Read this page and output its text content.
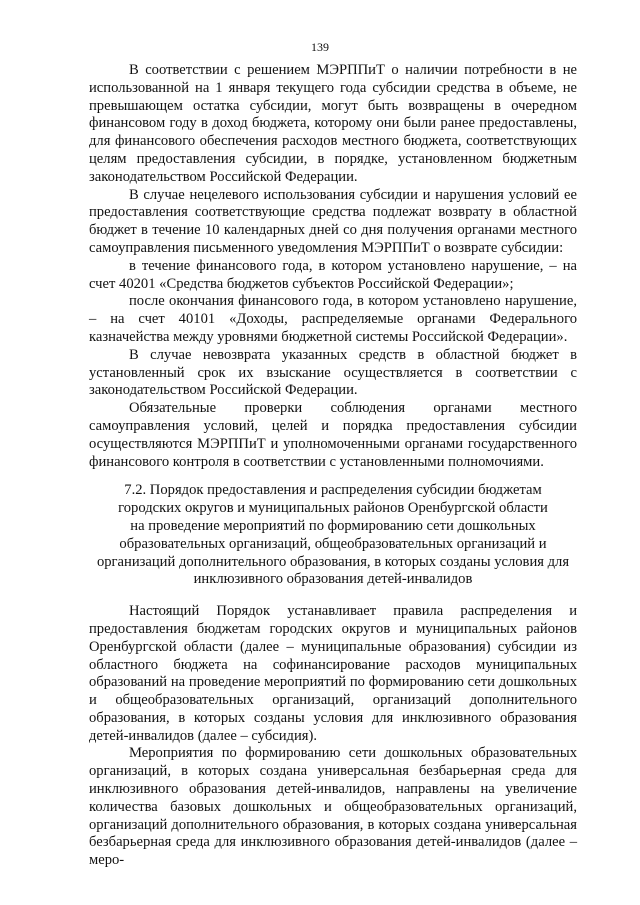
139

В соответствии с решением МЭРППиТ о наличии потребности в не использованной на 1 января текущего года субсидии средства в объеме, не превышающем остатка субсидии, могут быть возвращены в очередном финансовом году в доход бюджета, которому они были ранее предоставлены, для финансового обеспечения расходов местного бюджета, соответствующих целям предоставления субсидии, в порядке, установленном бюджетным законодательством Российской Федерации.

В случае нецелевого использования субсидии и нарушения условий ее предоставления соответствующие средства подлежат возврату в областной бюджет в течение 10 календарных дней со дня получения органами местного самоуправления письменного уведомления МЭРППиТ о возврате субсидии:

в течение финансового года, в котором установлено нарушение, – на счет 40201 «Средства бюджетов субъектов Российской Федерации»;

после окончания финансового года, в котором установлено нарушение, – на счет 40101 «Доходы, распределяемые органами Федерального казначейства между уровнями бюджетной системы Российской Федерации».

В случае невозврата указанных средств в областной бюджет в установленный срок их взыскание осуществляется в соответствии с законодательством Российской Федерации.

Обязательные проверки соблюдения органами местного самоуправления условий, целей и порядка предоставления субсидии осуществляются МЭРППиТ и уполномоченными органами государственного финансового контроля в соответствии с установленными полномочиями.

7.2. Порядок предоставления и распределения субсидии бюджетам
городских округов и муниципальных районов Оренбургской области
на проведение мероприятий по формированию сети дошкольных
образовательных организаций, общеобразовательных организаций и
организаций дополнительного образования, в которых созданы условия для
инклюзивного образования детей-инвалидов

Настоящий Порядок устанавливает правила распределения и предоставления бюджетам городских округов и муниципальных районов Оренбургской области (далее – муниципальные образования) субсидии из областного бюджета на софинансирование расходов муниципальных образований на проведение мероприятий по формированию сети дошкольных и общеобразовательных организаций, организаций дополнительного образования, в которых созданы условия для инклюзивного образования детей-инвалидов (далее – субсидия).

Мероприятия по формированию сети дошкольных образовательных организаций, в которых создана универсальная безбарьерная среда для инклюзивного образования детей-инвалидов, направлены на увеличение количества базовых дошкольных и общеобразовательных организаций, организаций дополнительного образования, в которых создана универсальная безбарьерная среда для инклюзивного образования детей-инвалидов (далее – меро-
